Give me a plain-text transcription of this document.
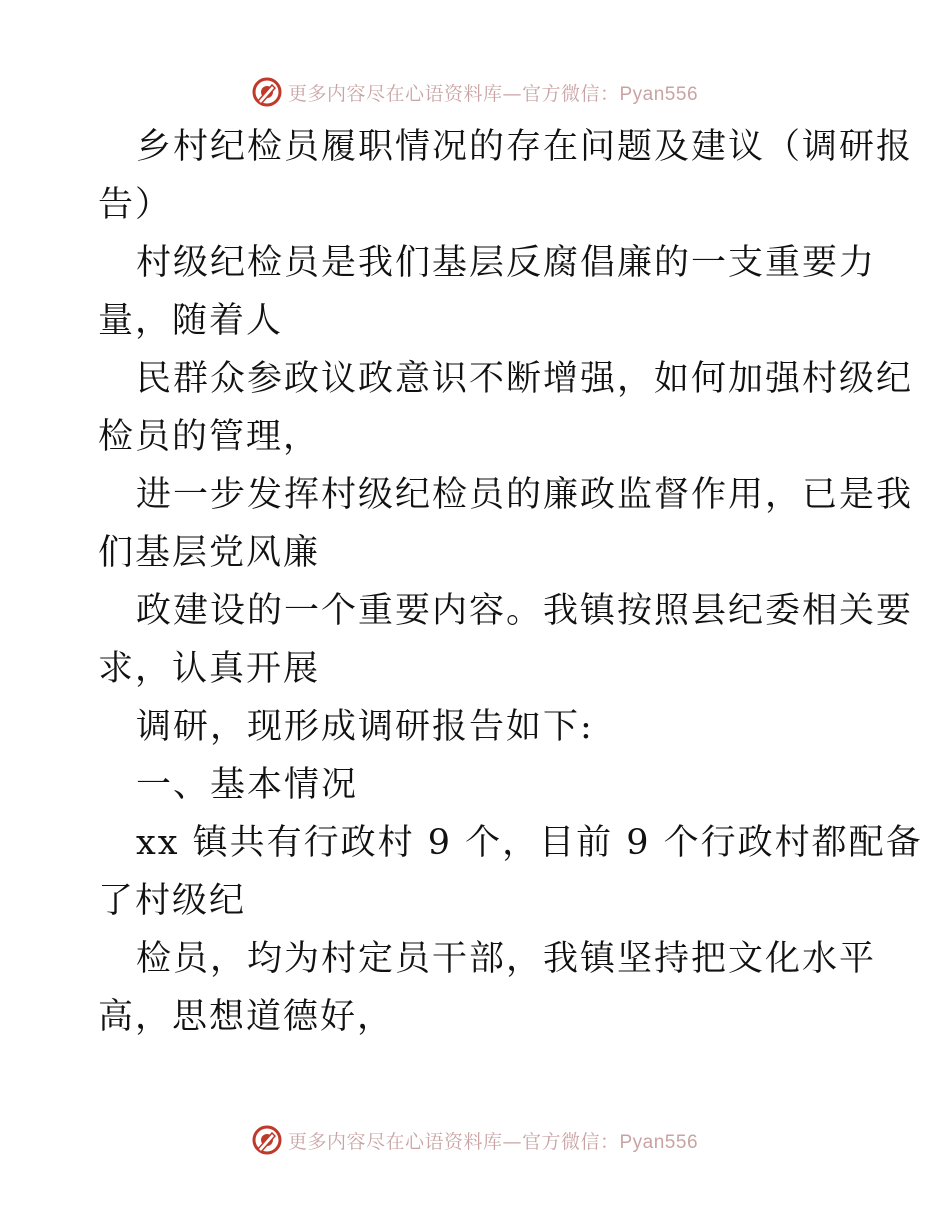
更多内容尽在心语资料库—官方微信：Pyan556
乡村纪检员履职情况的存在问题及建议（调研报
告）
村级纪检员是我们基层反腐倡廉的一支重要力
量，随着人
民群众参政议政意识不断增强，如何加强村级纪
检员的管理，
进一步发挥村级纪检员的廉政监督作用，已是我
们基层党风廉
政建设的一个重要内容。我镇按照县纪委相关要
求，认真开展
调研，现形成调研报告如下:
一、基本情况
xx 镇共有行政村 9 个，目前 9 个行政村都配备
了村级纪
检员，均为村定员干部，我镇坚持把文化水平
高，思想道德好，
更多内容尽在心语资料库—官方微信：Pyan556
